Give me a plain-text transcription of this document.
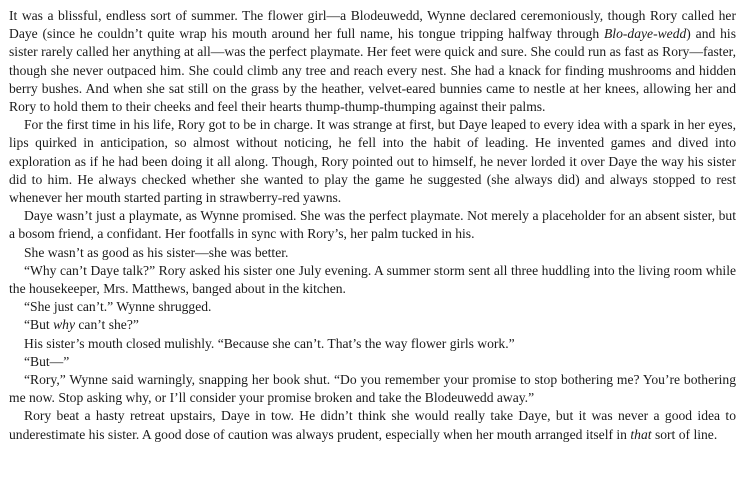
It was a blissful, endless sort of summer. The flower girl—a Blodeuwedd, Wynne declared ceremoniously, though Rory called her Daye (since he couldn’t quite wrap his mouth around her full name, his tongue tripping halfway through Blo-daye-wedd) and his sister rarely called her anything at all—was the perfect playmate. Her feet were quick and sure. She could run as fast as Rory—faster, though she never outpaced him. She could climb any tree and reach every nest. She had a knack for finding mushrooms and hidden berry bushes. And when she sat still on the grass by the heather, velvet-eared bunnies came to nestle at her knees, allowing her and Rory to hold them to their cheeks and feel their hearts thump-thump-thumping against their palms.

For the first time in his life, Rory got to be in charge. It was strange at first, but Daye leaped to every idea with a spark in her eyes, lips quirked in anticipation, so almost without noticing, he fell into the habit of leading. He invented games and dived into exploration as if he had been doing it all along. Though, Rory pointed out to himself, he never lorded it over Daye the way his sister did to him. He always checked whether she wanted to play the game he suggested (she always did) and always stopped to rest whenever her mouth started parting in strawberry-red yawns.

Daye wasn’t just a playmate, as Wynne promised. She was the perfect playmate. Not merely a placeholder for an absent sister, but a bosom friend, a confidant. Her footfalls in sync with Rory’s, her palm tucked in his.

She wasn’t as good as his sister—she was better.

“Why can’t Daye talk?” Rory asked his sister one July evening. A summer storm sent all three huddling into the living room while the housekeeper, Mrs. Matthews, banged about in the kitchen.

“She just can’t.” Wynne shrugged.

“But why can’t she?”

His sister’s mouth closed mulishly. “Because she can’t. That’s the way flower girls work.”

“But—”

“Rory,” Wynne said warningly, snapping her book shut. “Do you remember your promise to stop bothering me? You’re bothering me now. Stop asking why, or I’ll consider your promise broken and take the Blodeuwedd away.”

Rory beat a hasty retreat upstairs, Daye in tow. He didn’t think she would really take Daye, but it was never a good idea to underestimate his sister. A good dose of caution was always prudent, especially when her mouth arranged itself in that sort of line.
